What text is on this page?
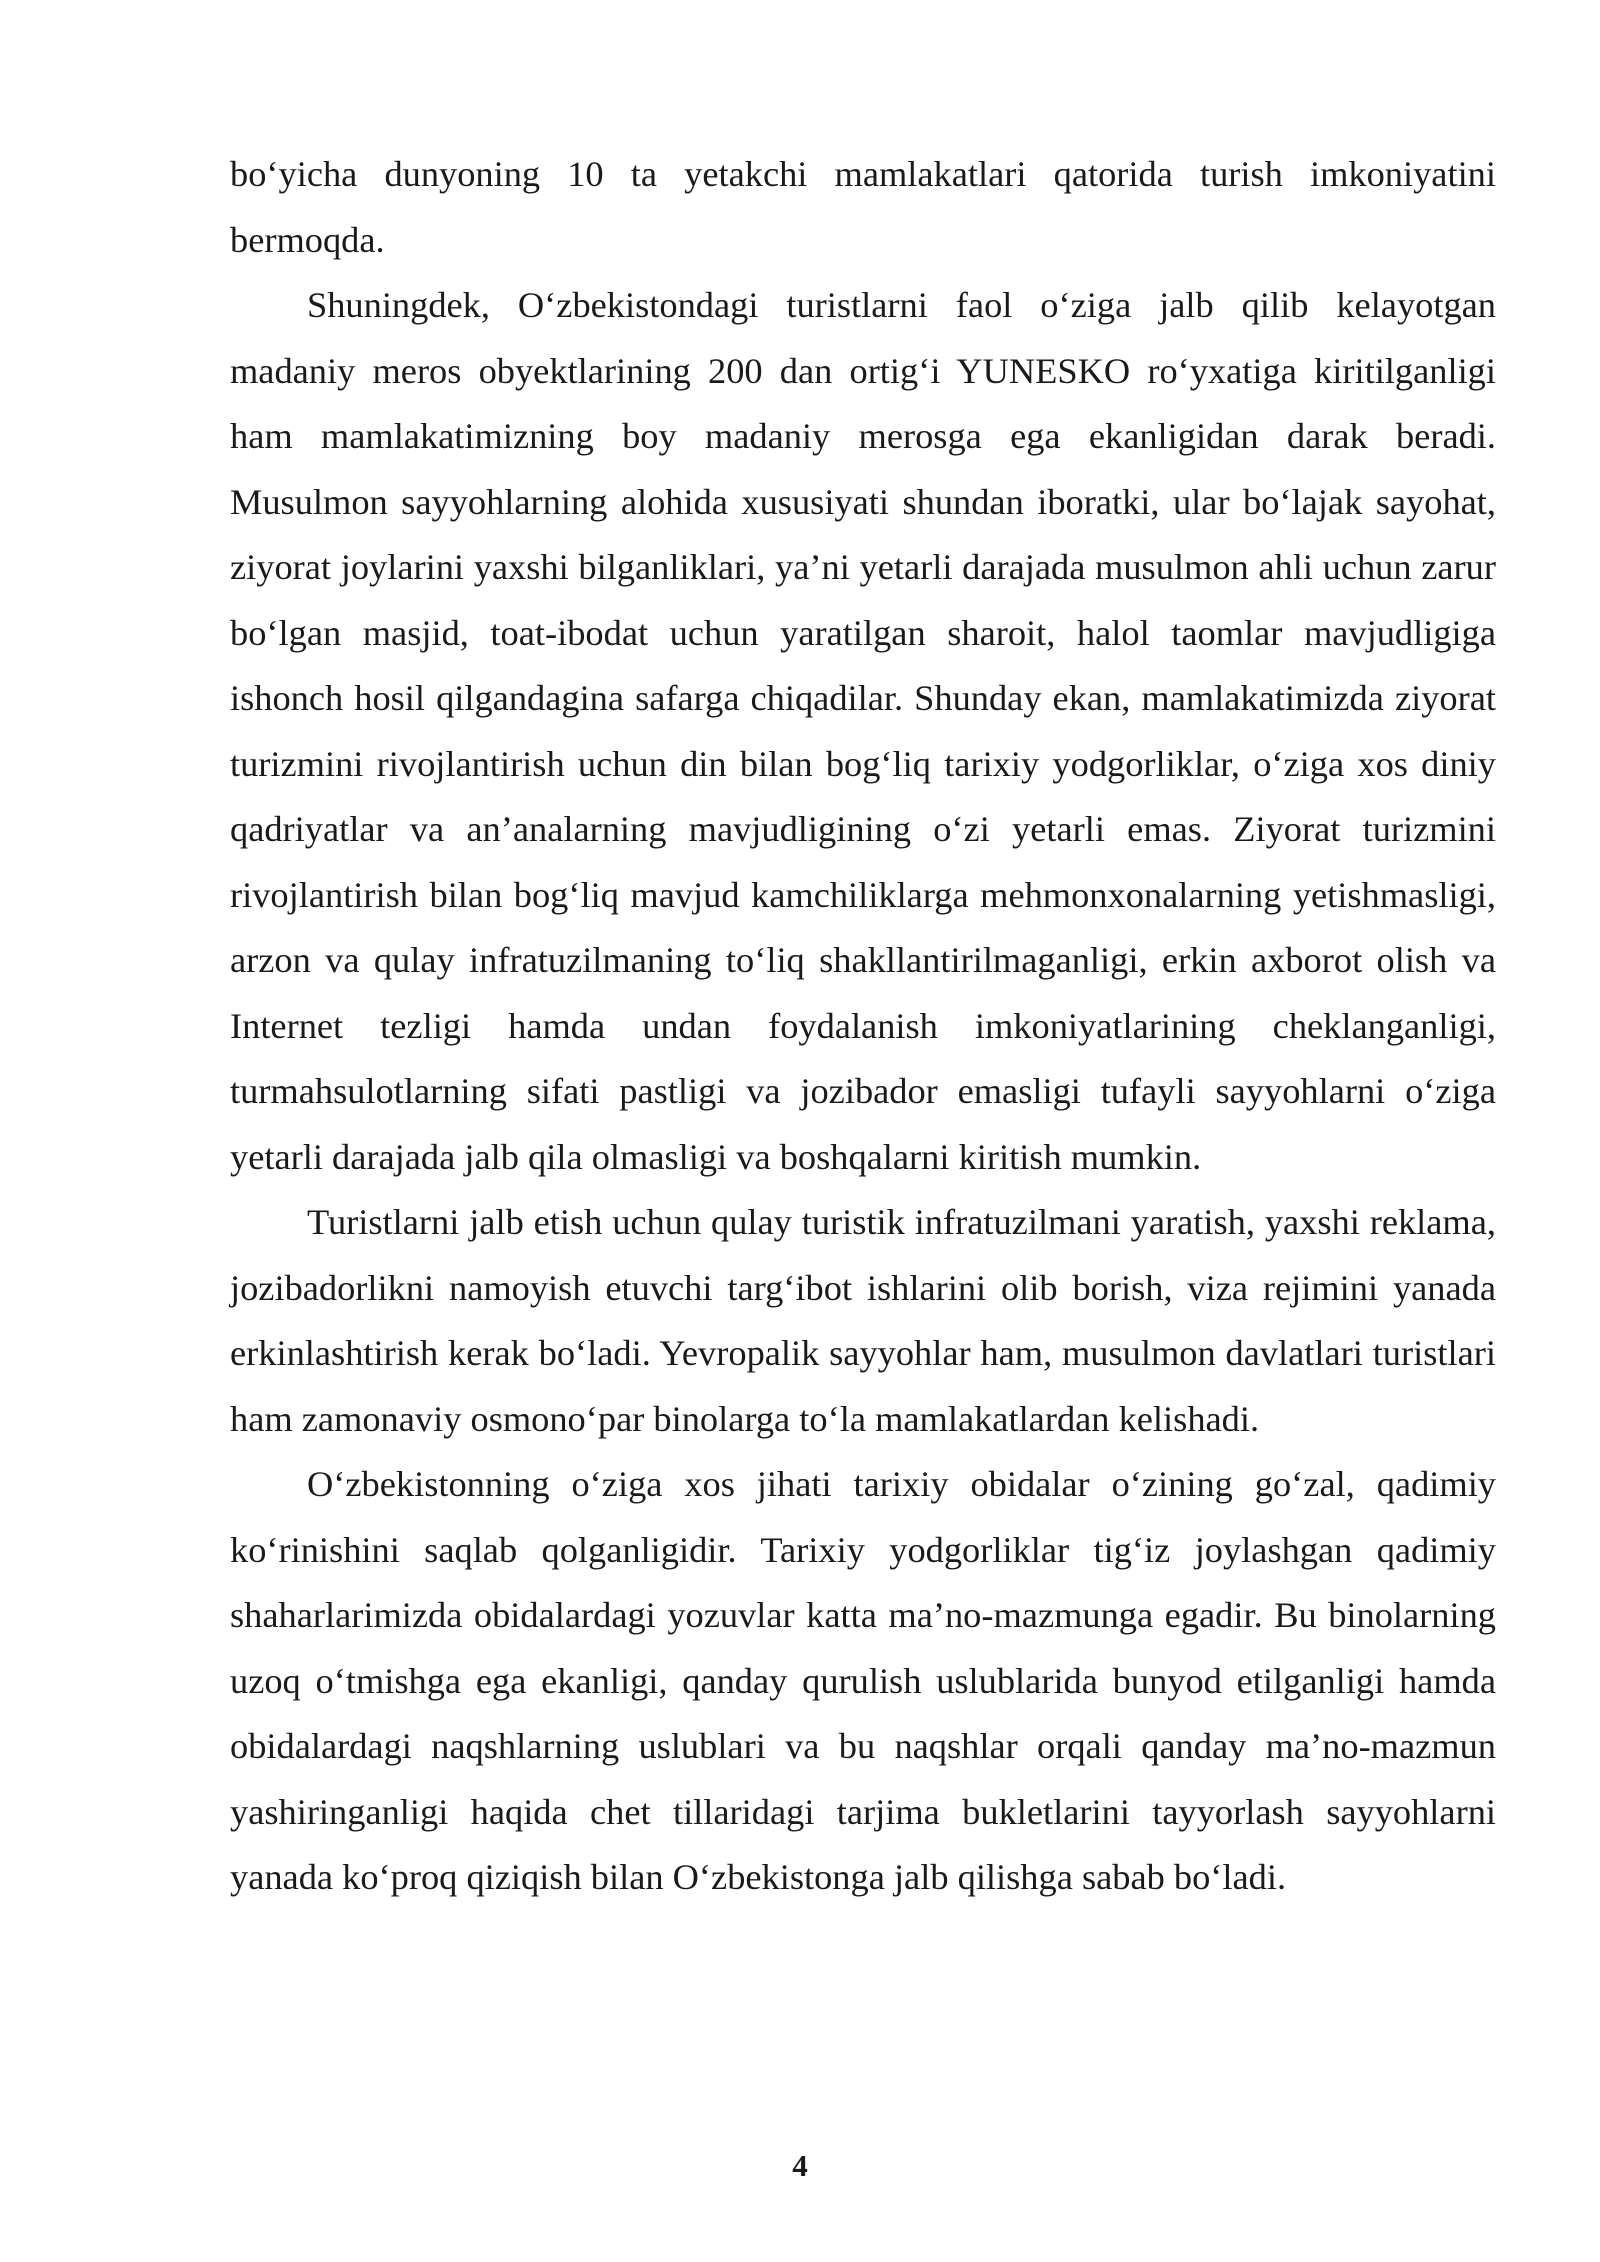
bo‘yicha dunyoning 10 ta yetakchi mamlakatlari qatorida turish imkoniyatini bermoqda.

Shuningdek, O‘zbekistondagi turistlarni faol o‘ziga jalb qilib kelayotgan madaniy meros obyektlarining 200 dan ortig‘i YUNESKO ro‘yxatiga kiritilganligi ham mamlakatimizning boy madaniy merosga ega ekanligidan darak beradi. Musulmon sayyohlarning alohida xususiyati shundan iboratki, ular bo‘lajak sayohat, ziyorat joylarini yaxshi bilganliklari, ya’ni yetarli darajada musulmon ahli uchun zarur bo‘lgan masjid, toat-ibodat uchun yaratilgan sharoit, halol taomlar mavjudligiga ishonch hosil qilgandagina safarga chiqadilar. Shunday ekan, mamlakatimizda ziyorat turizmini rivojlantirish uchun din bilan bog‘liq tarixiy yodgorliklar, o‘ziga xos diniy qadriyatlar va an’analarning mavjudligining o‘zi yetarli emas. Ziyorat turizmini rivojlantirish bilan bog‘liq mavjud kamchiliklarga mehmonxonalarning yetishmasligi, arzon va qulay infratuzilmaning to‘liq shakllantirilmaganligi, erkin axborot olish va Internet tezligi hamda undan foydalanish imkoniyatlarining cheklanganligi, turmahsulotlarning sifati pastligi va jozibador emasligi tufayli sayyohlarni o‘ziga yetarli darajada jalb qila olmasligi va boshqalarni kiritish mumkin.

Turistlarni jalb etish uchun qulay turistik infratuzilmani yaratish, yaxshi reklama, jozibadorlikni namoyish etuvchi targ‘ibot ishlarini olib borish, viza rejimini yanada erkinlashtirish kerak bo‘ladi. Yevropalik sayyohlar ham, musulmon davlatlari turistlari ham zamonaviy osmono‘par binolarga to‘la mamlakatlardan kelishadi.

O‘zbekistonning o‘ziga xos jihati tarixiy obidalar o‘zining go‘zal, qadimiy ko‘rinishini saqlab qolganligidir. Tarixiy yodgorliklar tig‘iz joylashgan qadimiy shaharlarimizda obidalardagi yozuvlar katta ma’no-mazmunga egadir. Bu binolarning uzoq o‘tmishga ega ekanligi, qanday qurulish uslublarida bunyod etilganligi hamda obidalardagi naqshlarning uslublari va bu naqshlar orqali qanday ma’no-mazmun yashiringanligi haqida chet tillaridagi tarjima bukletlarini tayyorlash sayyohlarni yanada ko‘proq qiziqish bilan O‘zbekistonga jalb qilishga sabab bo‘ladi.

4
